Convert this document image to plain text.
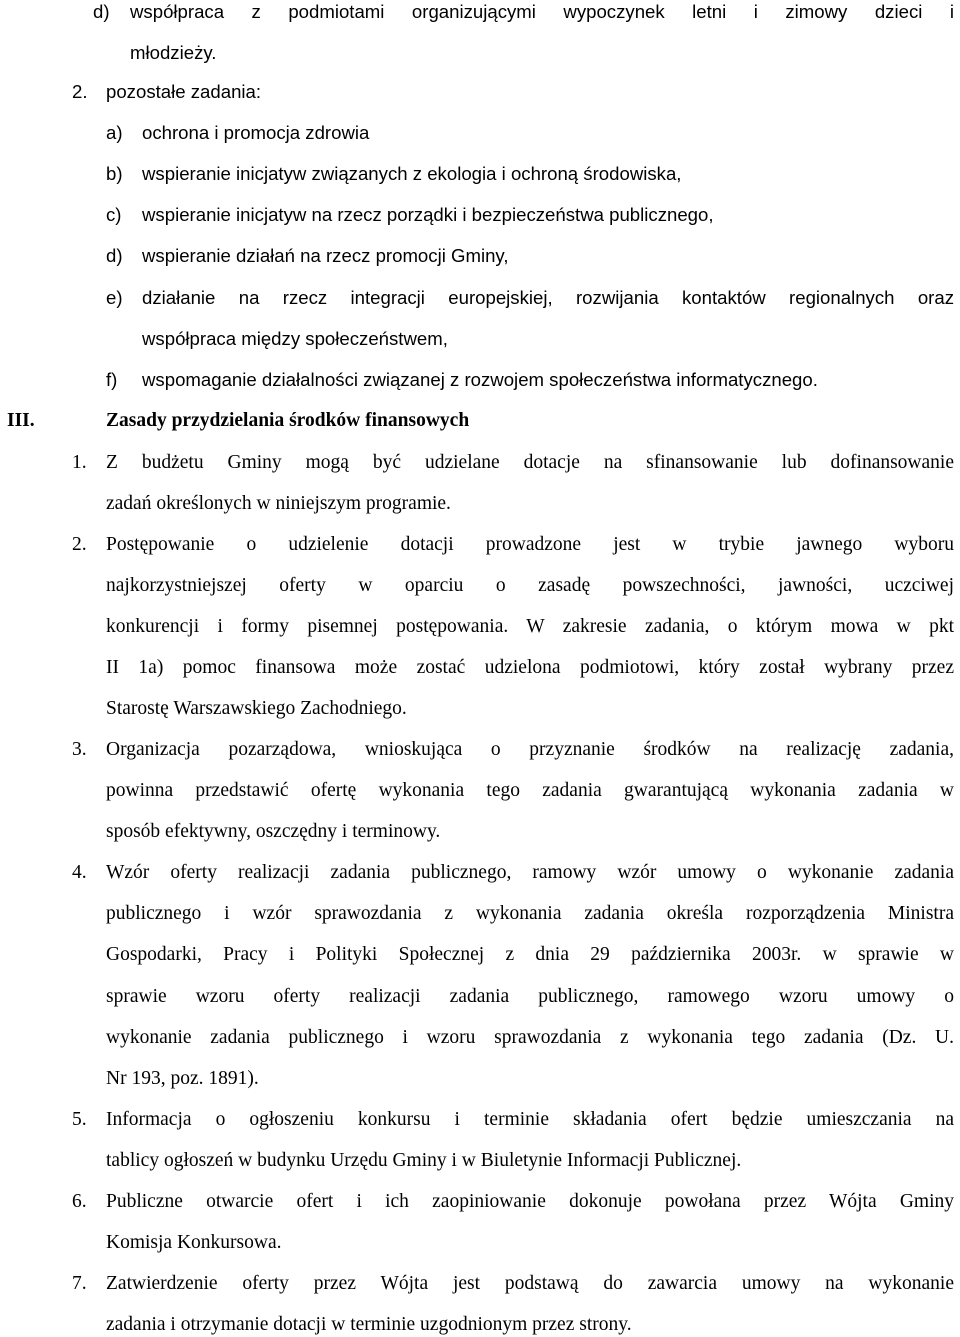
d) współpraca z podmiotami organizującymi wypoczynek letni i zimowy dzieci i
młodzieży.
2. pozostałe zadania:
a) ochrona i promocja zdrowia
b) wspieranie inicjatyw związanych z ekologia i ochroną środowiska,
c) wspieranie inicjatyw na rzecz porządki i bezpieczeństwa publicznego,
d) wspieranie działań na rzecz promocji Gminy,
e) działanie na rzecz integracji europejskiej, rozwijania kontaktów regionalnych oraz
współpraca między społeczeństwem,
f) wspomaganie działalności związanej z rozwojem społeczeństwa informatycznego.
III.	Zasady przydzielania środków finansowych
1. Z budżetu Gminy mogą być udzielane dotacje na sfinansowanie lub dofinansowanie
zadań określonych w niniejszym programie.
2. Postępowanie o udzielenie dotacji prowadzone jest w trybie jawnego wyboru
najkorzystniejszej oferty w oparciu o zasadę powszechności, jawności, uczciwej
konkurencji i formy pisemnej postępowania. W zakresie zadania, o którym mowa w pkt
II 1a) pomoc finansowa może zostać udzielona podmiotowi, który został wybrany przez
Starostę Warszawskiego Zachodniego.
3. Organizacja pozarządowa, wnioskująca o przyznanie środków na realizację zadania,
powinna przedstawić ofertę wykonania tego zadania gwarantującą wykonania zadania w
sposób efektywny, oszczędny i terminowy.
4. Wzór oferty realizacji zadania publicznego, ramowy wzór umowy o wykonanie zadania
publicznego i wzór sprawozdania z wykonania zadania określa rozporządzenia Ministra
Gospodarki, Pracy i Polityki Społecznej z dnia 29 października 2003r. w sprawie w
sprawie wzoru oferty realizacji zadania publicznego, ramowego wzoru umowy o
wykonanie zadania publicznego i wzoru sprawozdania z wykonania tego zadania (Dz. U.
Nr 193, poz. 1891).
5. Informacja o ogłoszeniu konkursu i terminie składania ofert będzie umieszczania na
tablicy ogłoszeń w budynku Urzędu Gminy i w Biuletynie Informacji Publicznej.
6. Publiczne otwarcie ofert i ich zaopiniowanie dokonuje powołana przez Wójta Gminy
Komisja Konkursowa.
7. Zatwierdzenie oferty przez Wójta jest podstawą do zawarcia umowy na wykonanie
zadania i otrzymanie dotacji w terminie uzgodnionym przez strony.
